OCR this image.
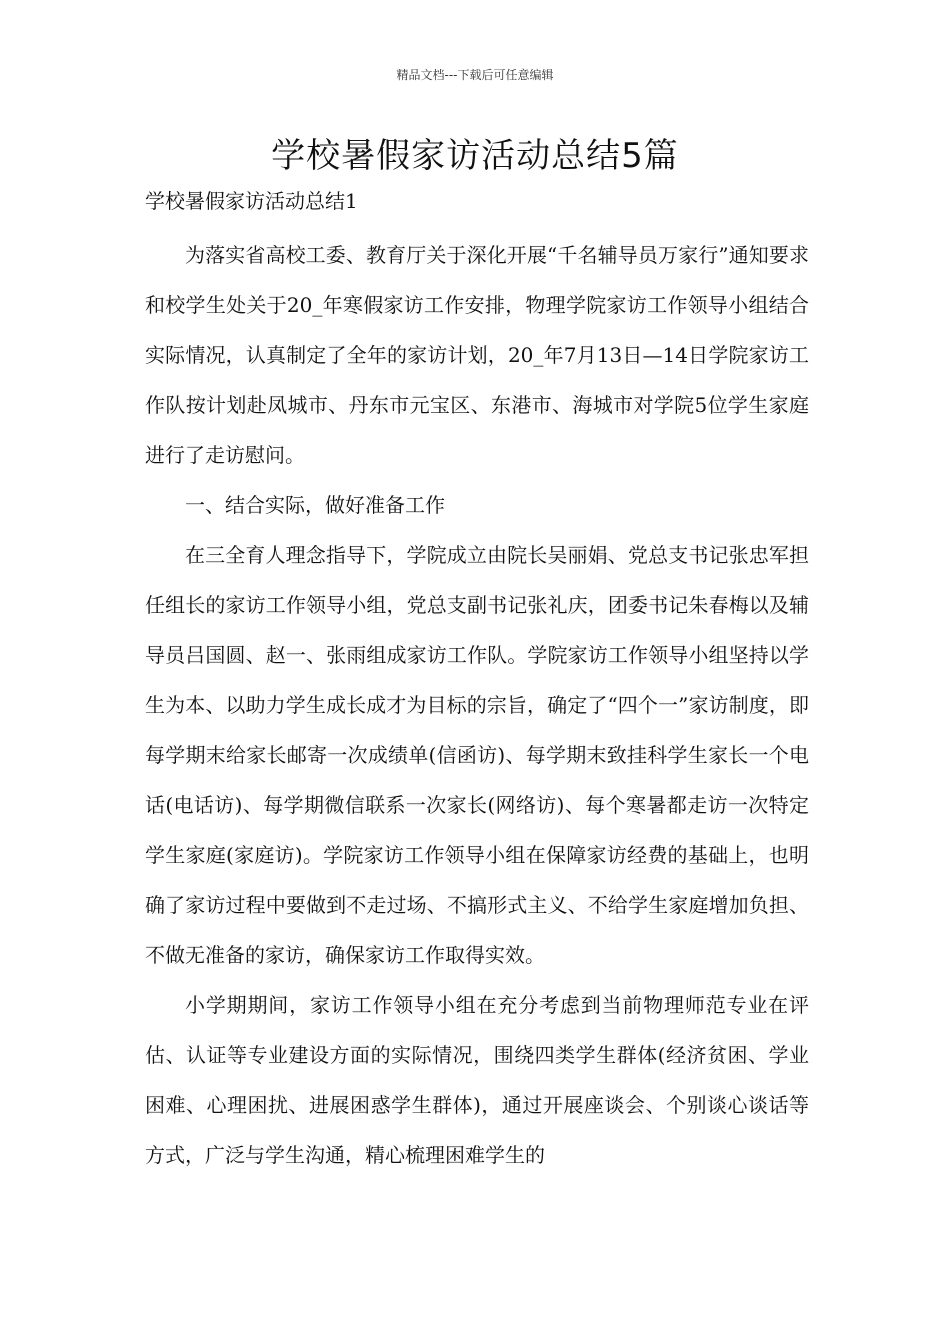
精品文档---下载后可任意编辑
学校暑假家访活动总结5篇

学校暑假家访活动总结1

为落实省高校工委、教育厅关于深化开展“千名辅导员万家行”通知要求和校学生处关于20_年寒假家访工作安排，物理学院家访工作领导小组结合实际情况，认真制定了全年的家访计划，20_年7月13日—14日学院家访工作队按计划赴凤城市、丹东市元宝区、东港市、海城市对学院5位学生家庭进行了走访慰问。

一、结合实际，做好准备工作

在三全育人理念指导下，学院成立由院长吴丽娟、党总支书记张忠军担任组长的家访工作领导小组，党总支副书记张礼庆，团委书记朱春梅以及辅导员吕国圆、赵一、张雨组成家访工作队。学院家访工作领导小组坚持以学生为本、以助力学生成长成才为目标的宗旨，确定了“四个一”家访制度，即每学期末给家长邮寄一次成绩单(信函访)、每学期末致挂科学生家长一个电话(电话访)、每学期微信联系一次家长(网络访)、每个寒暑都走访一次特定学生家庭(家庭访)。学院家访工作领导小组在保障家访经费的基础上，也明确了家访过程中要做到不走过场、不搞形式主义、不给学生家庭增加负担、不做无准备的家访，确保家访工作取得实效。

小学期期间，家访工作领导小组在充分考虑到当前物理师范专业在评估、认证等专业建设方面的实际情况，围绕四类学生群体(经济贫困、学业困难、心理困扰、进展困惑学生群体)，通过开展座谈会、个别谈心谈话等方式，广泛与学生沟通，精心梳理困难学生的
